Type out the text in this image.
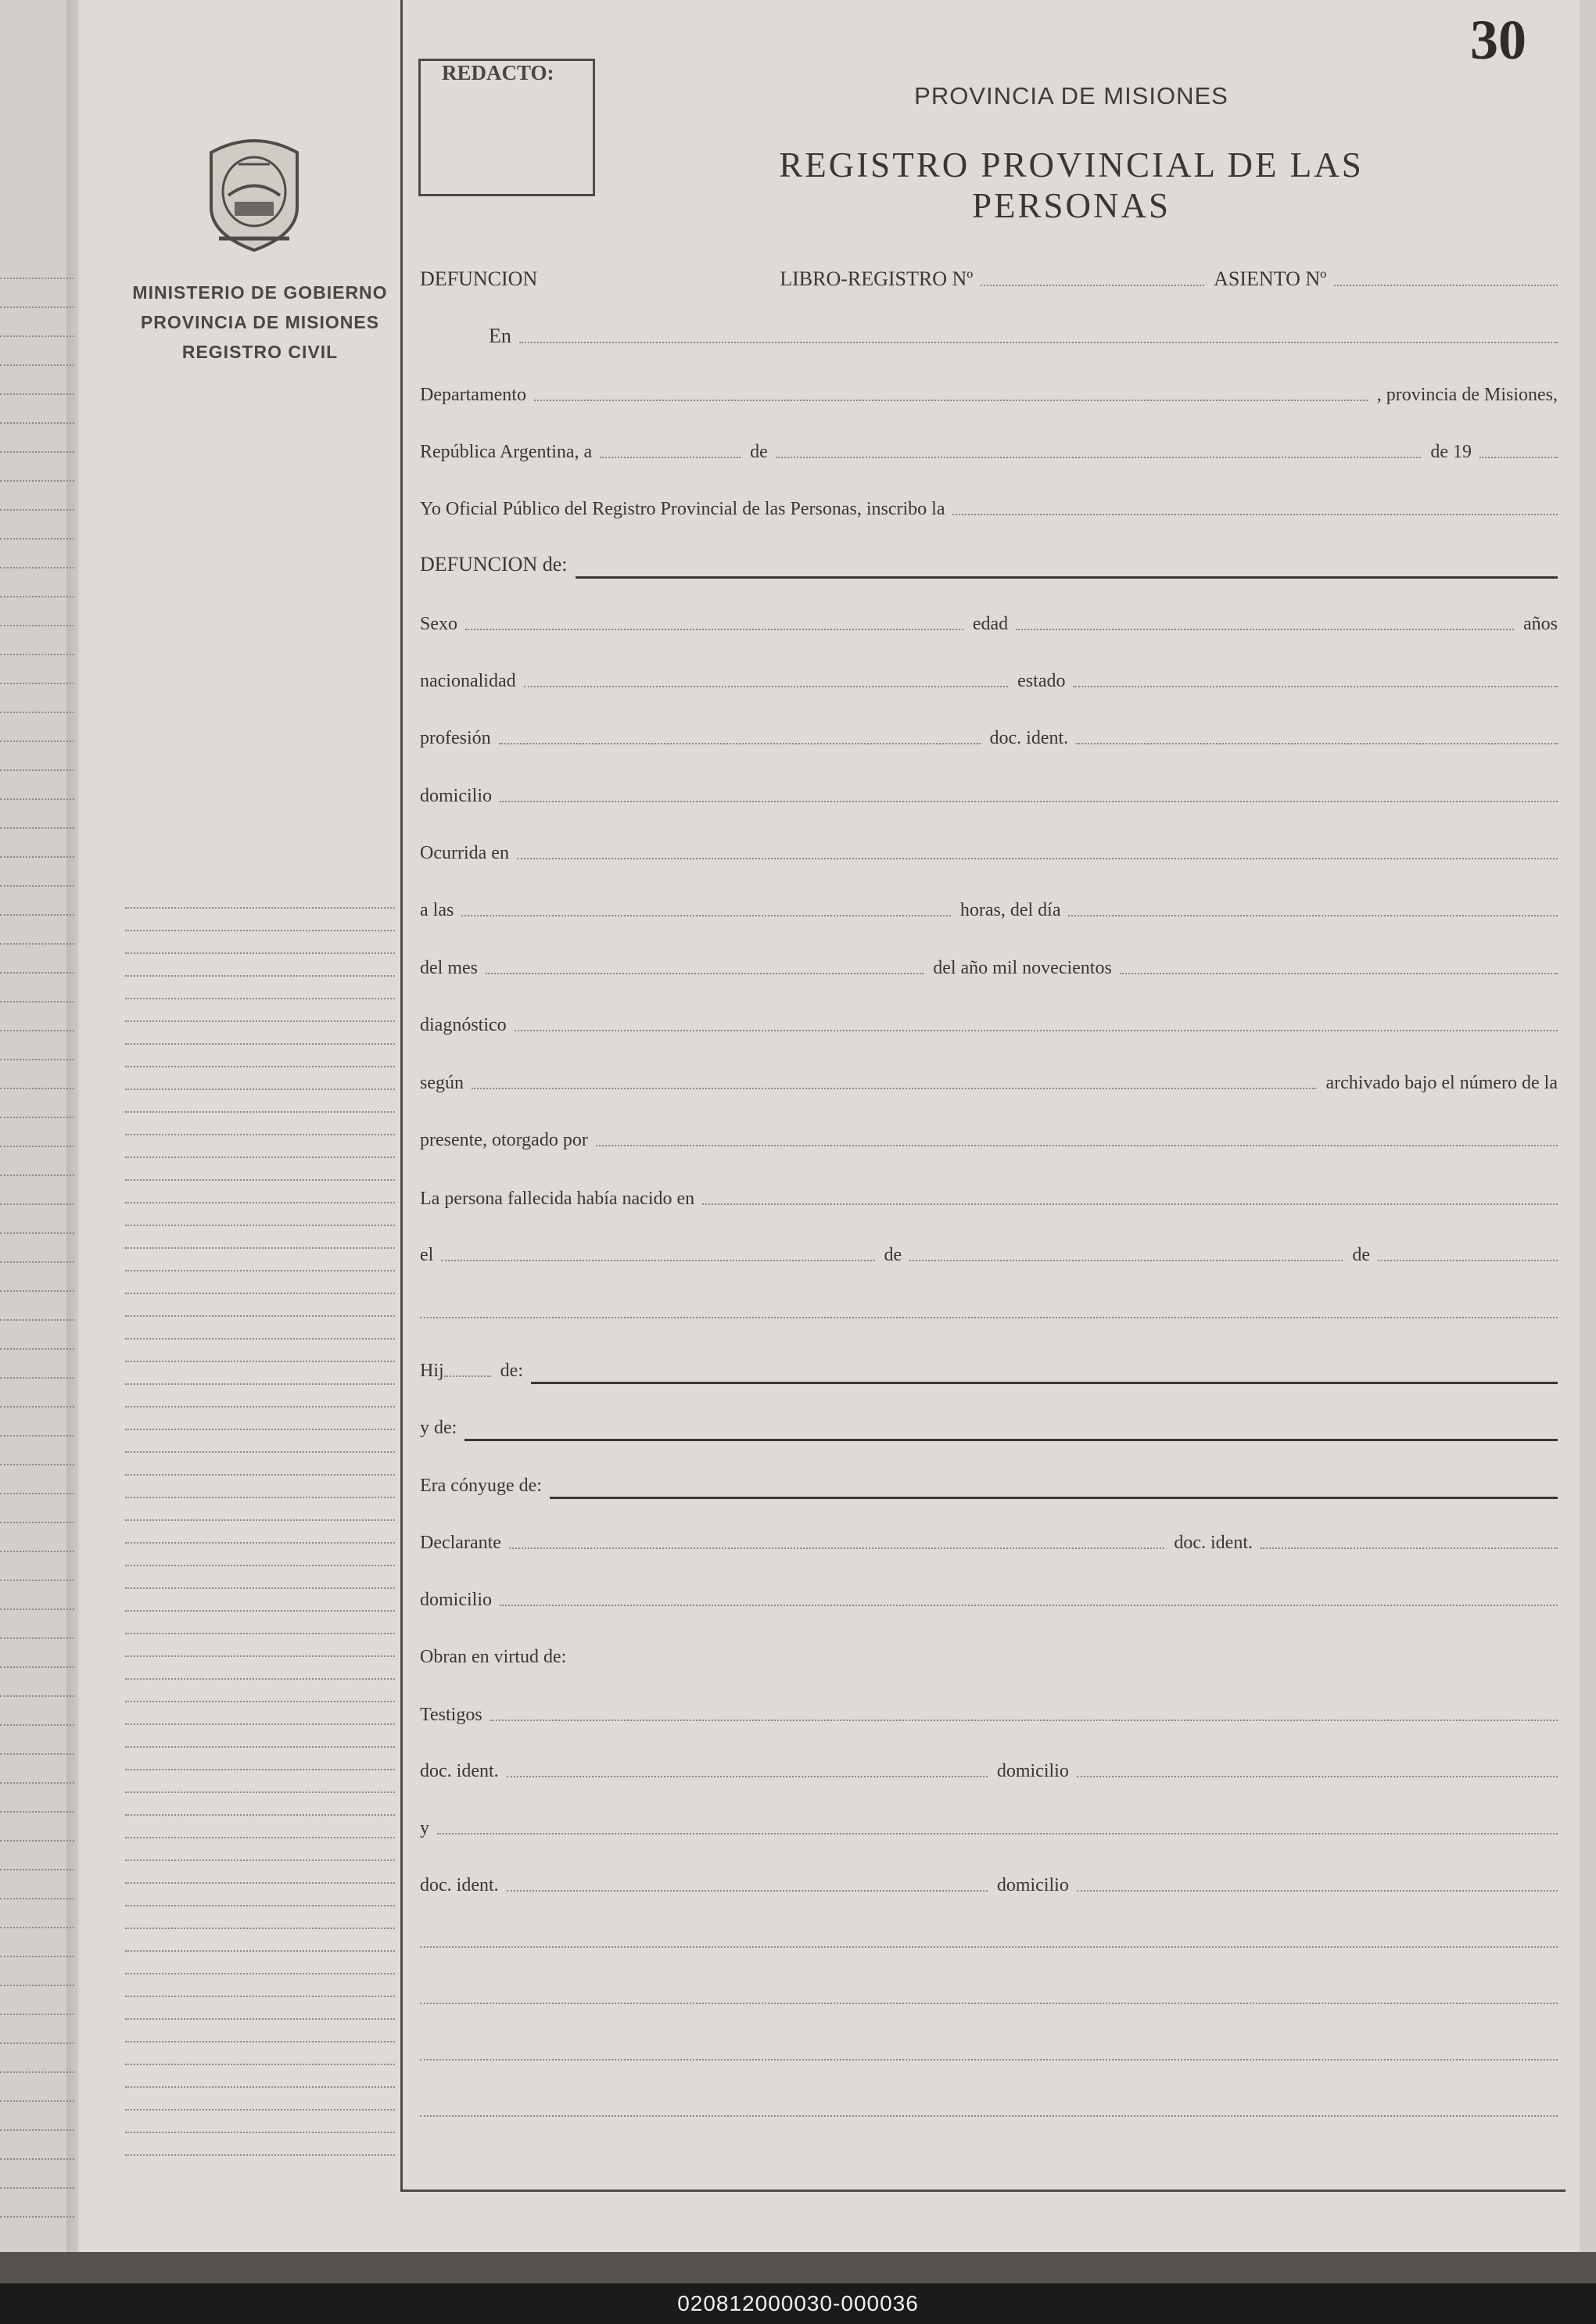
MINISTERIO DE GOBIERNO
PROVINCIA DE MISIONES
REGISTRO CIVIL
30
REDACTO:
PROVINCIA DE MISIONES
REGISTRO PROVINCIAL DE LAS PERSONAS
DEFUNCION	LIBRO-REGISTRO Nº	ASIENTO Nº
En
Departamento	, provincia de Misiones,
República Argentina, a	de	de 19
Yo Oficial Público del Registro Provincial de las Personas, inscribo la
DEFUNCION de:
Sexo	edad	años
nacionalidad	estado
profesión	doc. ident.
domicilio
Ocurrida en
a las	horas, del día
del mes	del año mil novecientos
diagnóstico
según	archivado bajo el número de la
presente, otorgado por
La persona fallecida había nacido en
el	de	de
Hij	de:
y de:
Era cónyuge de:
Declarante	doc. ident.
domicilio
Obran en virtud de:
Testigos
doc. ident.	domicilio
y
doc. ident.	domicilio
020812000030-000036
